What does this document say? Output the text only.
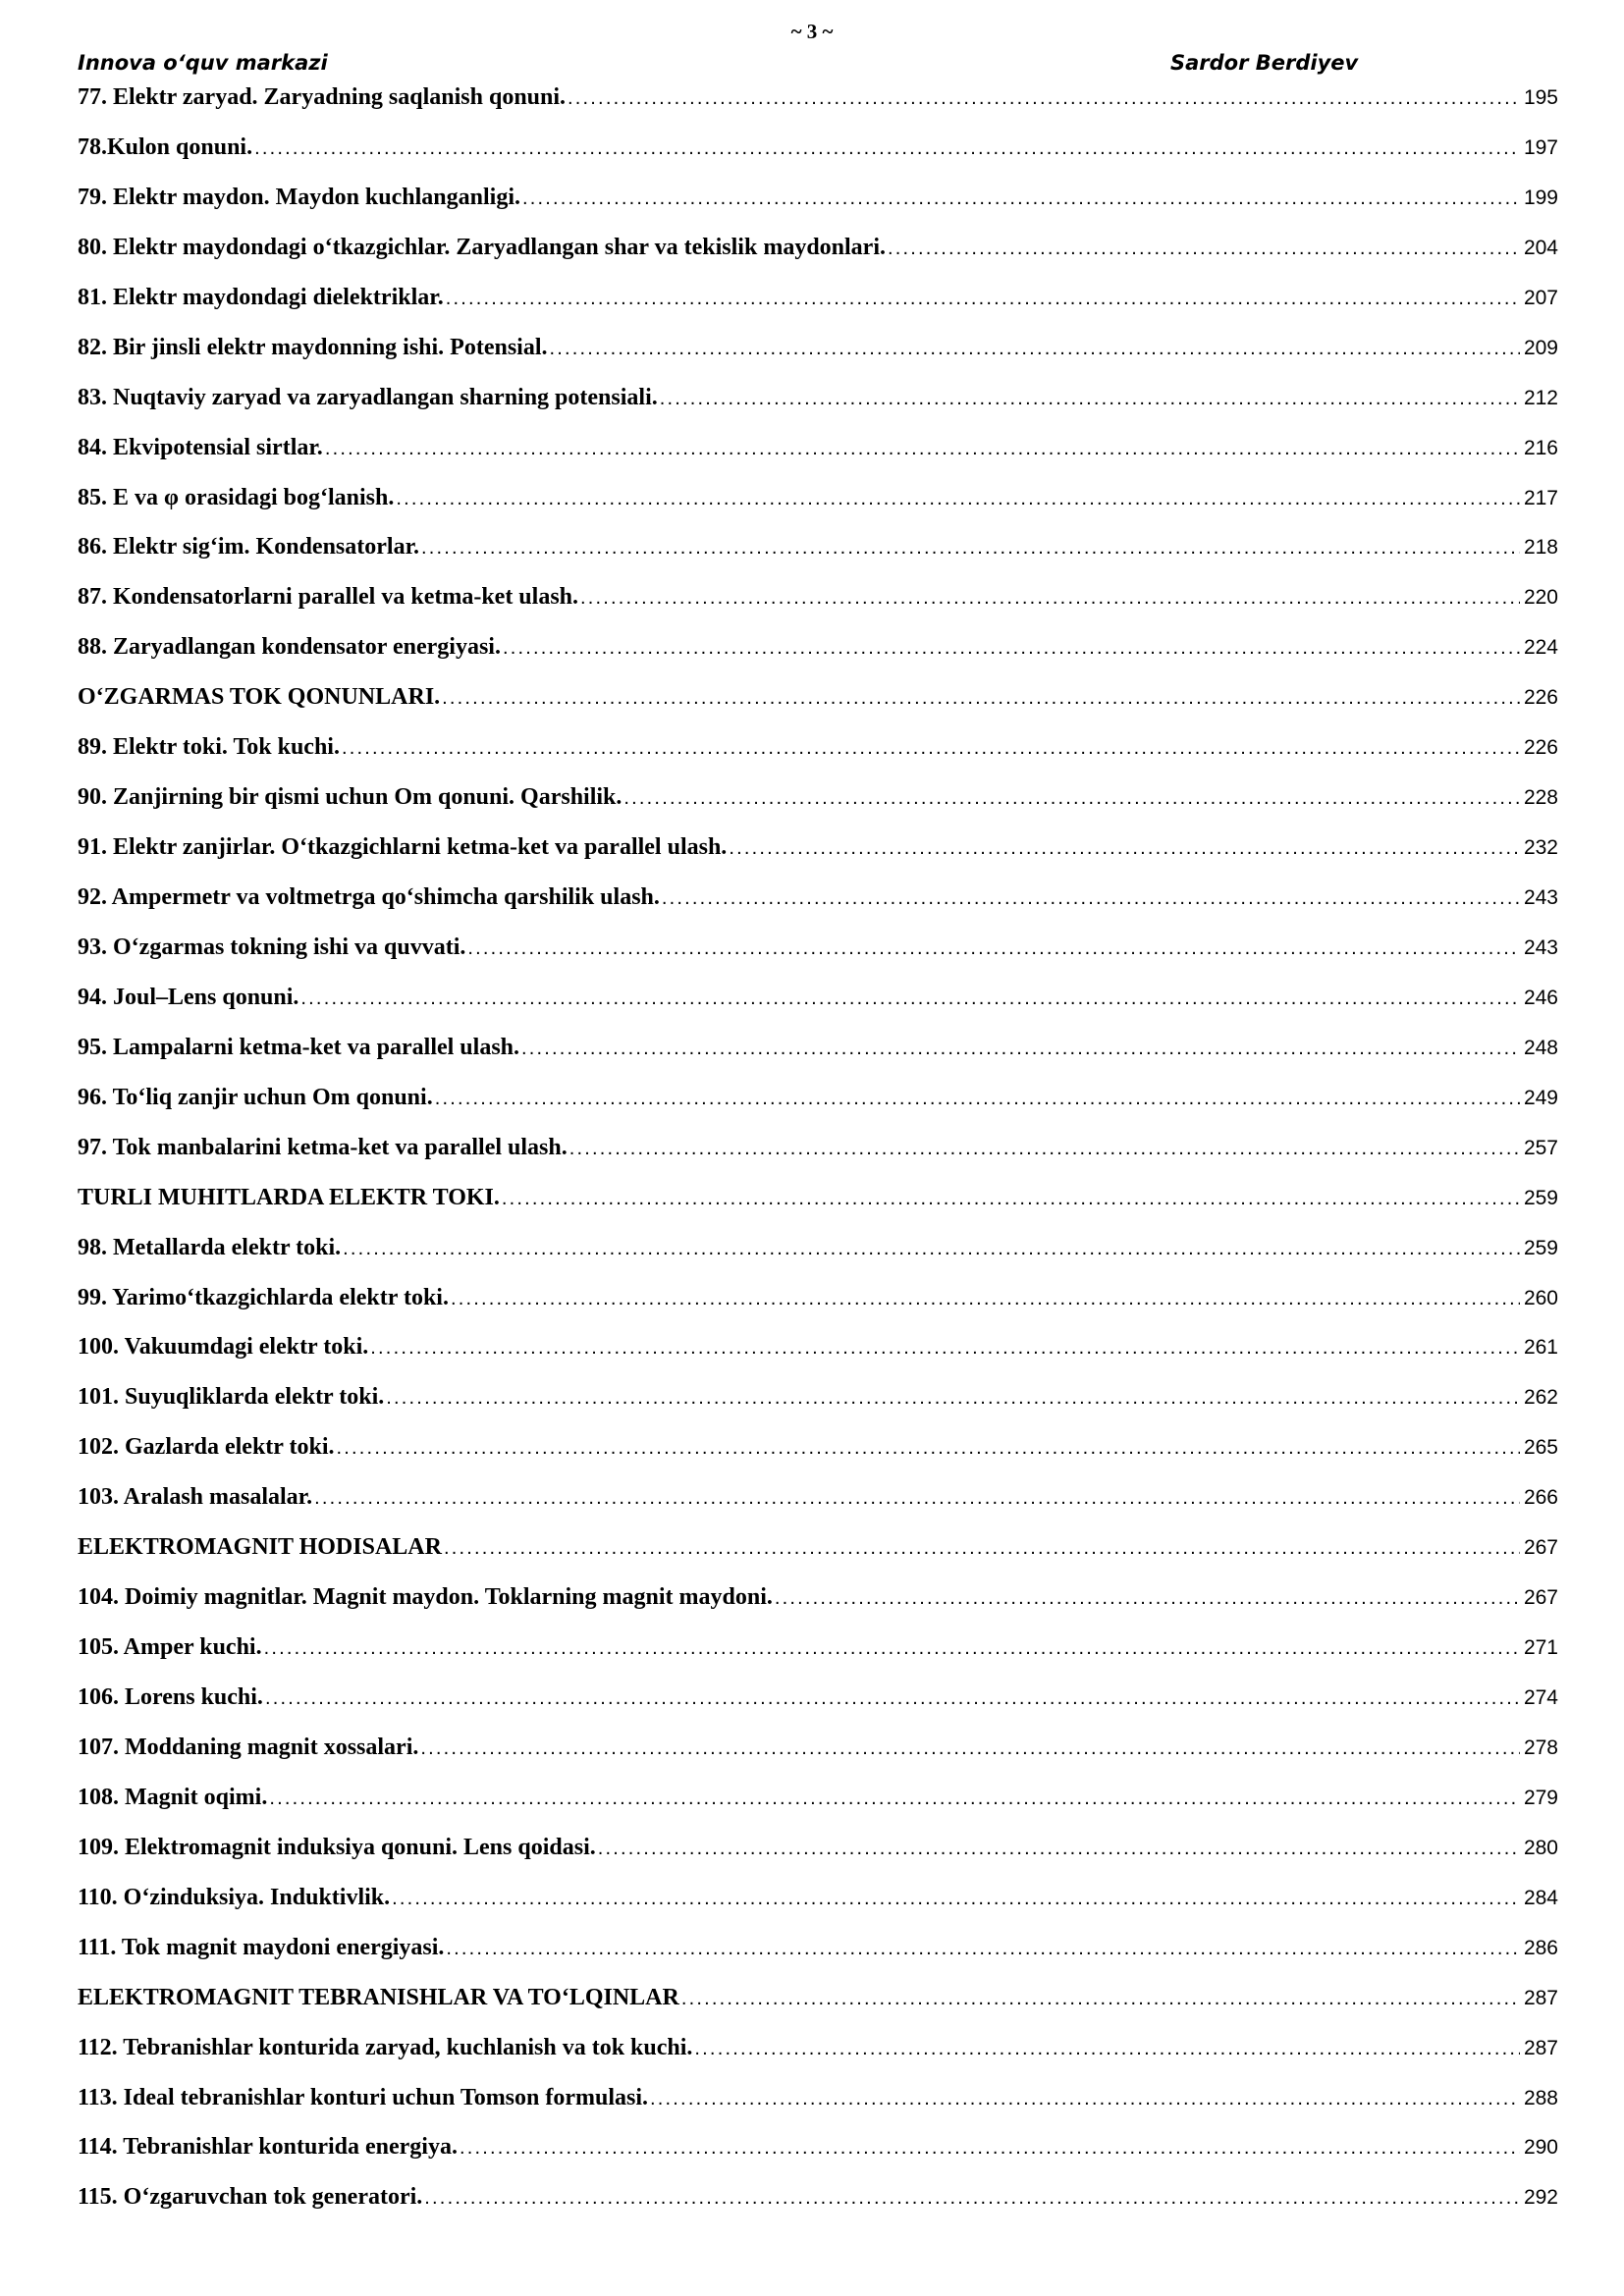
~ 3 ~
Innova o‘quv markazi	Sardor Berdiyev
77. Elektr zaryad. Zaryadning saqlanish qonuni. .....	195
78.Kulon qonuni. .....	197
79. Elektr maydon. Maydon kuchlanganligi. .....	199
80. Elektr maydondagi o‘tkazgichlar. Zaryadlangan shar va tekislik maydonlari. .....	204
81. Elektr maydondagi dielektriklar. .....	207
82. Bir jinsli elektr maydonning ishi. Potensial. .....	209
83. Nuqtaviy zaryad va zaryadlangan sharning potensiali. .....	212
84. Ekvipotensial sirtlar. .....	216
85. E va φ orasidagi bog‘lanish. .....	217
86. Elektr sig‘im. Kondensatorlar. .....	218
87. Kondensatorlarni parallel va ketma-ket ulash. .....	220
88. Zaryadlangan kondensator energiyasi. .....	224
O‘ZGARMAS TOK QONUNLARI. .....	226
89. Elektr toki. Tok kuchi. .....	226
90. Zanjirning bir qismi uchun Om qonuni. Qarshilik. .....	228
91. Elektr zanjirlar. O‘tkazgichlarni ketma-ket va parallel ulash. .....	232
92. Ampermetr va voltmetrga qo‘shimcha qarshilik ulash. .....	243
93. O‘zgarmas tokning ishi va quvvati. .....	243
94. Joul–Lens qonuni. .....	246
95. Lampalarni ketma-ket va parallel ulash. .....	248
96. To‘liq zanjir uchun Om qonuni. .....	249
97. Tok manbalarini ketma-ket va parallel ulash. .....	257
TURLI MUHITLARDA ELEKTR TOKI. .....	259
98. Metallarda elektr toki. .....	259
99. Yarimo‘tkazgichlarda elektr toki. .....	260
100. Vakuumdagi elektr toki. .....	261
101. Suyuqliklarda elektr toki. .....	262
102. Gazlarda elektr toki. .....	265
103. Aralash masalalar. .....	266
ELEKTROMAGNIT HODISALAR .....	267
104. Doimiy magnitlar. Magnit maydon. Toklarning magnit maydoni. .....	267
105. Amper kuchi. .....	271
106. Lorens kuchi. .....	274
107. Moddaning magnit xossalari. .....	278
108. Magnit oqimi. .....	279
109. Elektromagnit induksiya qonuni. Lens qoidasi. .....	280
110. O‘zinduksiya. Induktivlik. .....	284
111. Tok magnit maydoni energiyasi. .....	286
ELEKTROMAGNIT TEBRANISHLAR VA TO‘LQINLAR .....	287
112. Tebranishlar konturida zaryad, kuchlanish va tok kuchi. .....	287
113. Ideal tebranishlar konturi uchun Tomson formulasi. .....	288
114. Tebranishlar konturida energiya. .....	290
115. O‘zgaruvchan tok generatori. .....	292
